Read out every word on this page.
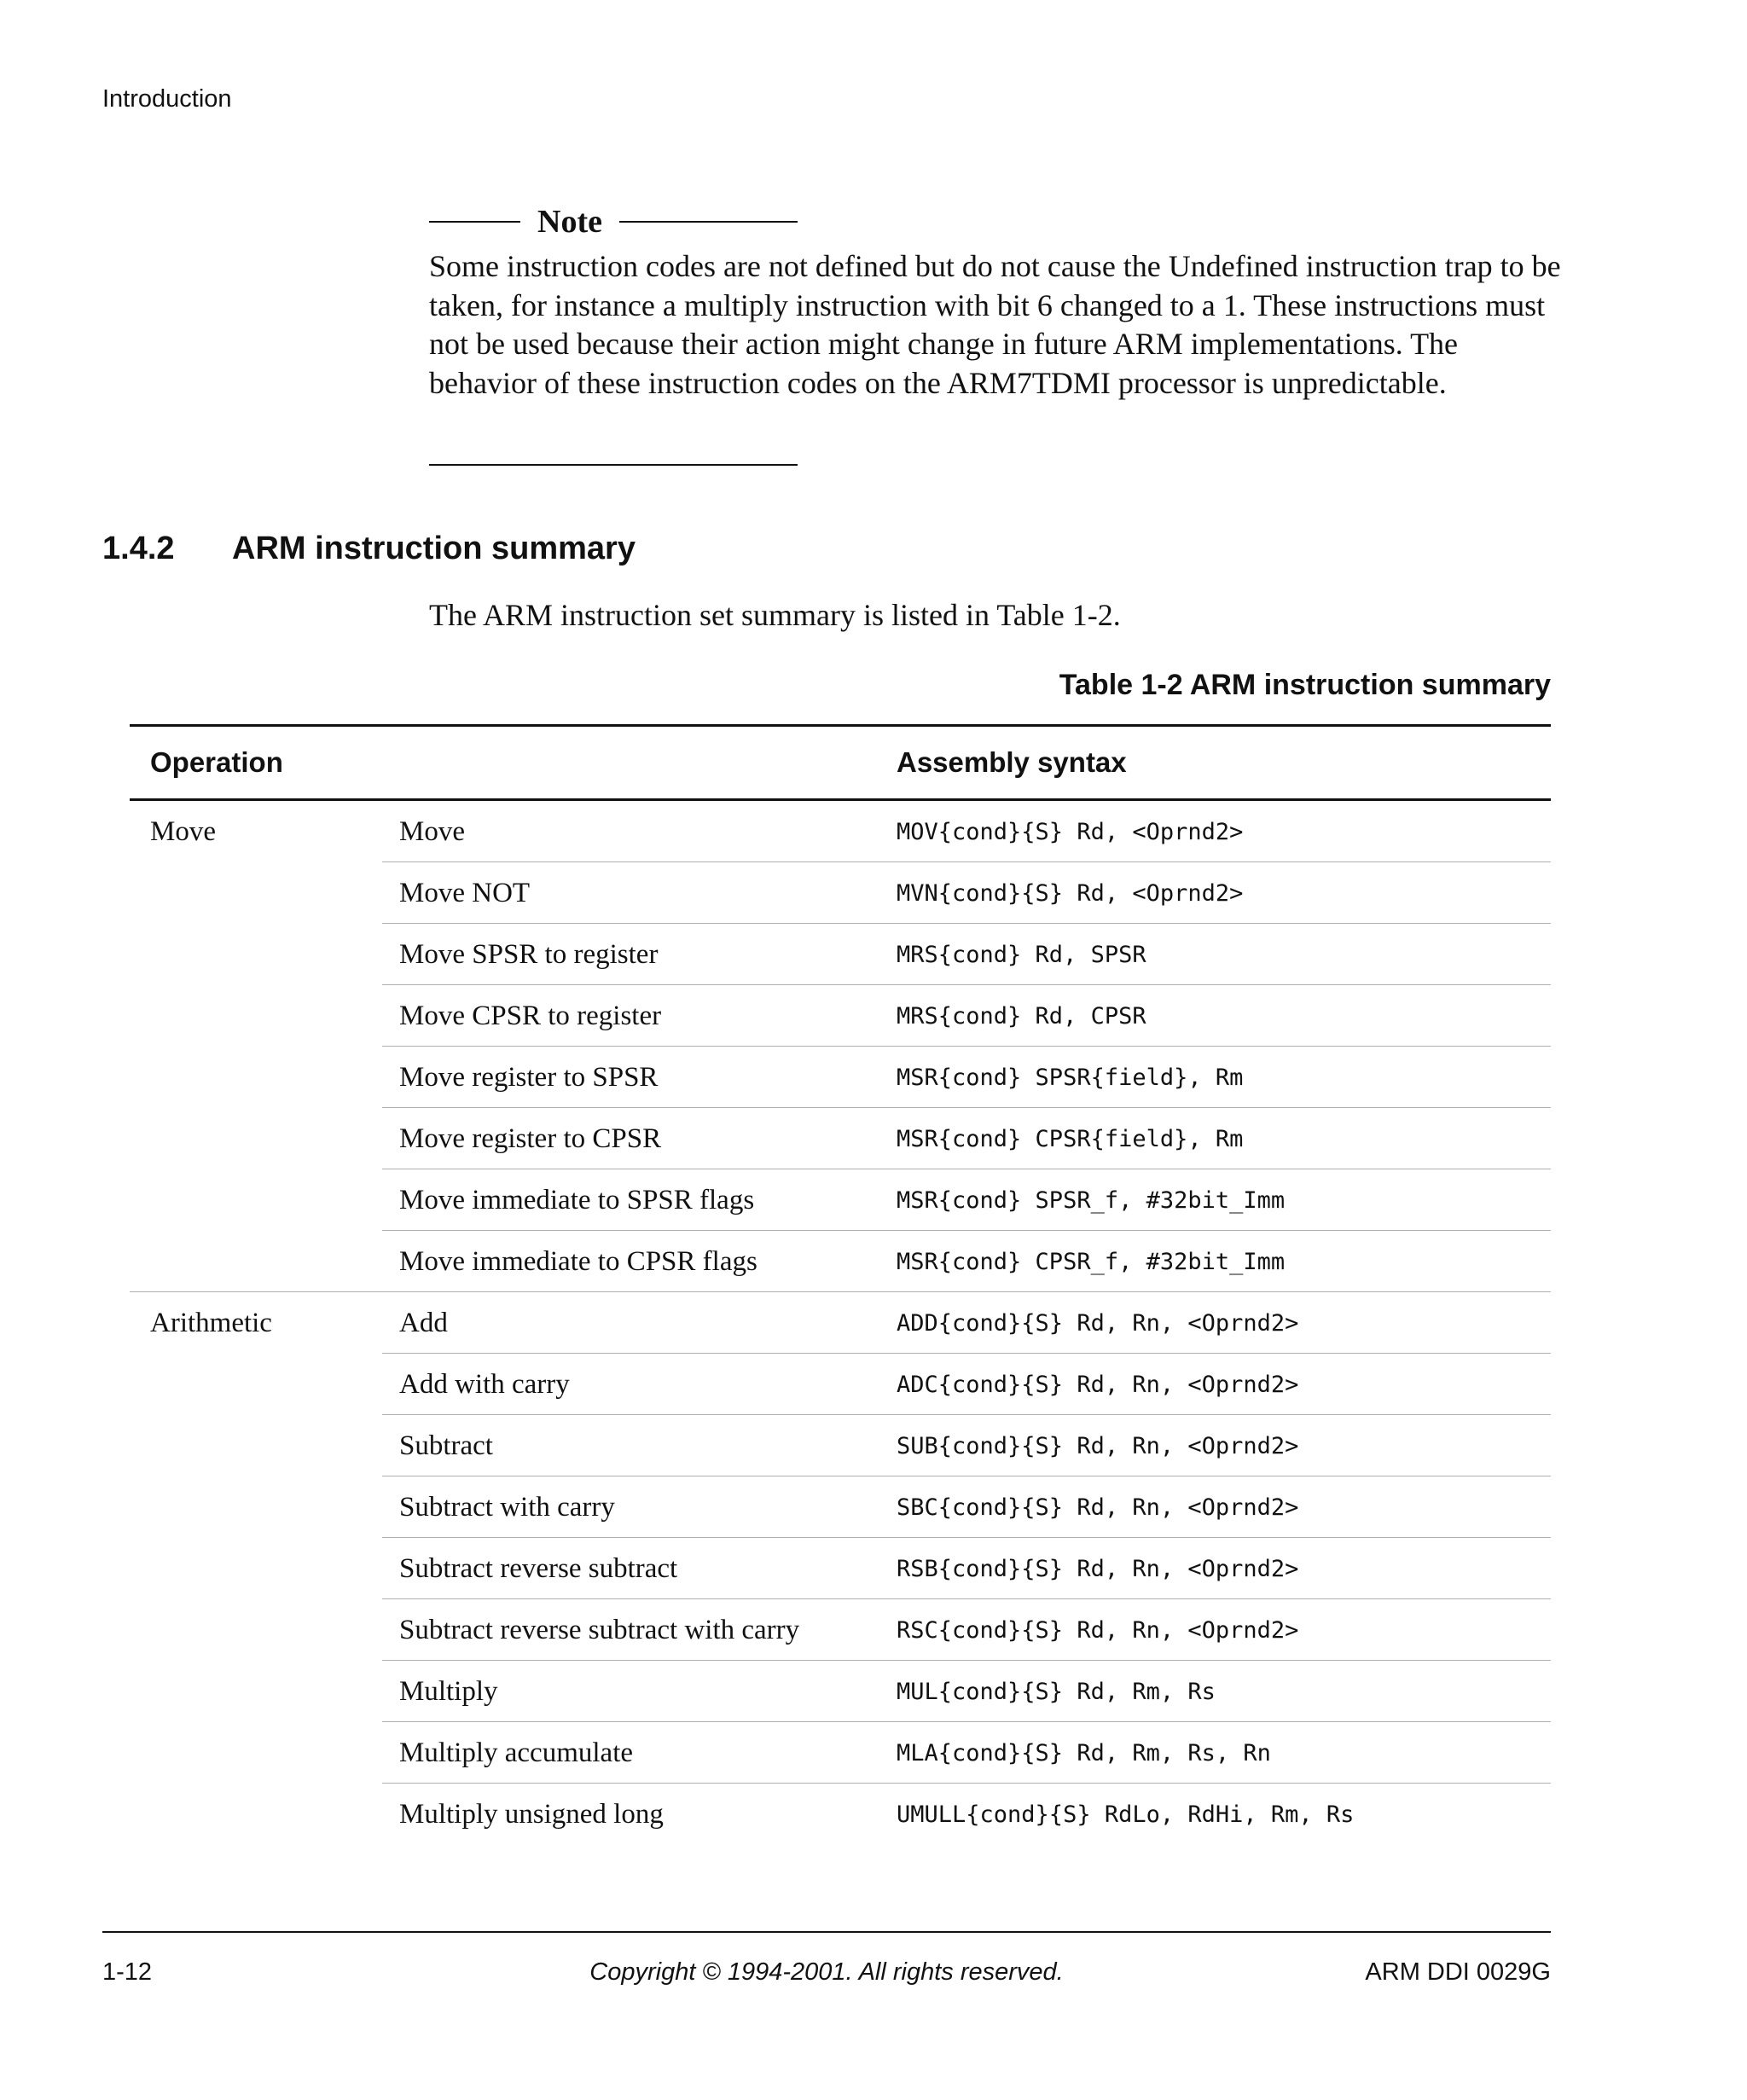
Introduction
Note

Some instruction codes are not defined but do not cause the Undefined instruction trap to be taken, for instance a multiply instruction with bit 6 changed to a 1. These instructions must not be used because their action might change in future ARM implementations. The behavior of these instruction codes on the ARM7TDMI processor is unpredictable.

1.4.2 ARM instruction summary

The ARM instruction set summary is listed in Table 1-2.

Table 1-2 ARM instruction summary
Operation		Assembly syntax

Move	Move	MOV{cond}{S} Rd, <Oprnd2>

	Move NOT	MVN{cond}{S} Rd, <Oprnd2>

	Move SPSR to register	MRS{cond} Rd, SPSR

	Move CPSR to register	MRS{cond} Rd, CPSR

	Move register to SPSR	MSR{cond} SPSR{field}, Rm

	Move register to CPSR	MSR{cond} CPSR{field}, Rm

	Move immediate to SPSR flags	MSR{cond} SPSR_f, #32bit_Imm

	Move immediate to CPSR flags	MSR{cond} CPSR_f, #32bit_Imm

Arithmetic	Add	ADD{cond}{S} Rd, Rn, <Oprnd2>

	Add with carry	ADC{cond}{S} Rd, Rn, <Oprnd2>

	Subtract	SUB{cond}{S} Rd, Rn, <Oprnd2>

	Subtract with carry	SBC{cond}{S} Rd, Rn, <Oprnd2>

	Subtract reverse subtract	RSB{cond}{S} Rd, Rn, <Oprnd2>

	Subtract reverse subtract with carry	RSC{cond}{S} Rd, Rn, <Oprnd2>

	Multiply	MUL{cond}{S} Rd, Rm, Rs

	Multiply accumulate	MLA{cond}{S} Rd, Rm, Rs, Rn

	Multiply unsigned long	UMULL{cond}{S} RdLo, RdHi, Rm, Rs
1-12	Copyright © 1994-2001. All rights reserved.	ARM DDI 0029G
